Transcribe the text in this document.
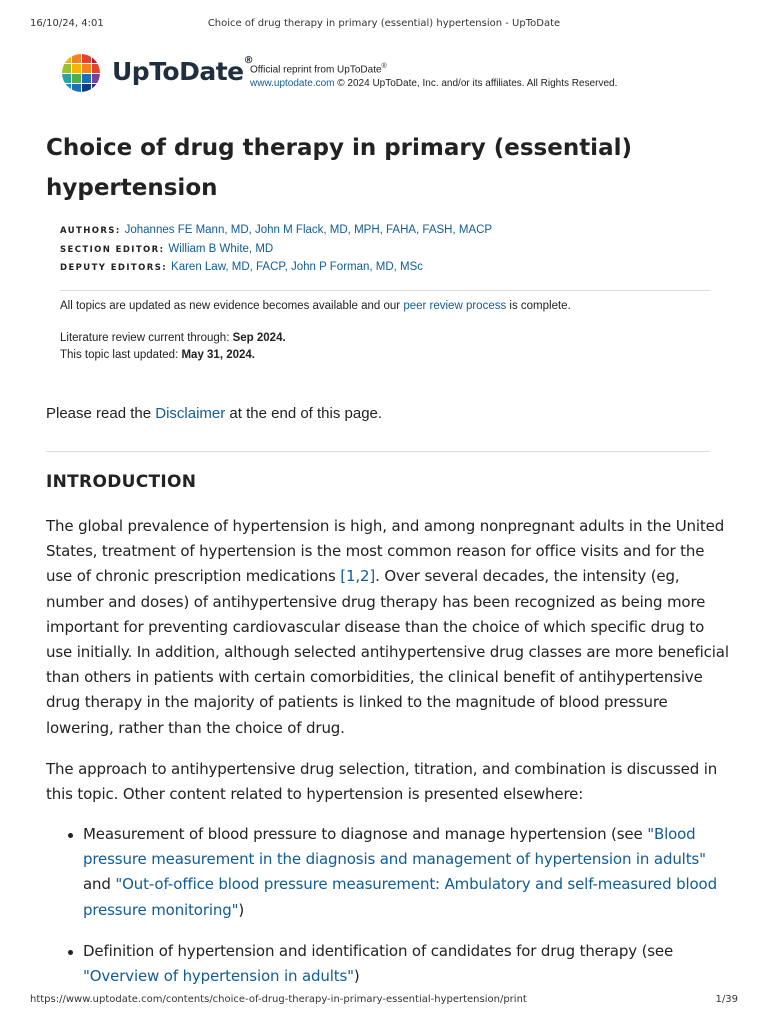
16/10/24, 4:01	Choice of drug therapy in primary (essential) hypertension - UpToDate
UpToDate®
Official reprint from UpToDate®
www.uptodate.com © 2024 UpToDate, Inc. and/or its affiliates. All Rights Reserved.
Choice of drug therapy in primary (essential) hypertension
AUTHORS: Johannes FE Mann, MD, John M Flack, MD, MPH, FAHA, FASH, MACP
SECTION EDITOR: William B White, MD
DEPUTY EDITORS: Karen Law, MD, FACP, John P Forman, MD, MSc
All topics are updated as new evidence becomes available and our peer review process is complete.
Literature review current through: Sep 2024.
This topic last updated: May 31, 2024.
Please read the Disclaimer at the end of this page.
INTRODUCTION

The global prevalence of hypertension is high, and among nonpregnant adults in the United States, treatment of hypertension is the most common reason for office visits and for the use of chronic prescription medications [1,2]. Over several decades, the intensity (eg, number and doses) of antihypertensive drug therapy has been recognized as being more important for preventing cardiovascular disease than the choice of which specific drug to use initially. In addition, although selected antihypertensive drug classes are more beneficial than others in patients with certain comorbidities, the clinical benefit of antihypertensive drug therapy in the majority of patients is linked to the magnitude of blood pressure lowering, rather than the choice of drug.

The approach to antihypertensive drug selection, titration, and combination is discussed in this topic. Other content related to hypertension is presented elsewhere:

Measurement of blood pressure to diagnose and manage hypertension (see "Blood pressure measurement in the diagnosis and management of hypertension in adults" and "Out-of-office blood pressure measurement: Ambulatory and self-measured blood pressure monitoring")
Definition of hypertension and identification of candidates for drug therapy (see "Overview of hypertension in adults")
https://www.uptodate.com/contents/choice-of-drug-therapy-in-primary-essential-hypertension/print	1/39
